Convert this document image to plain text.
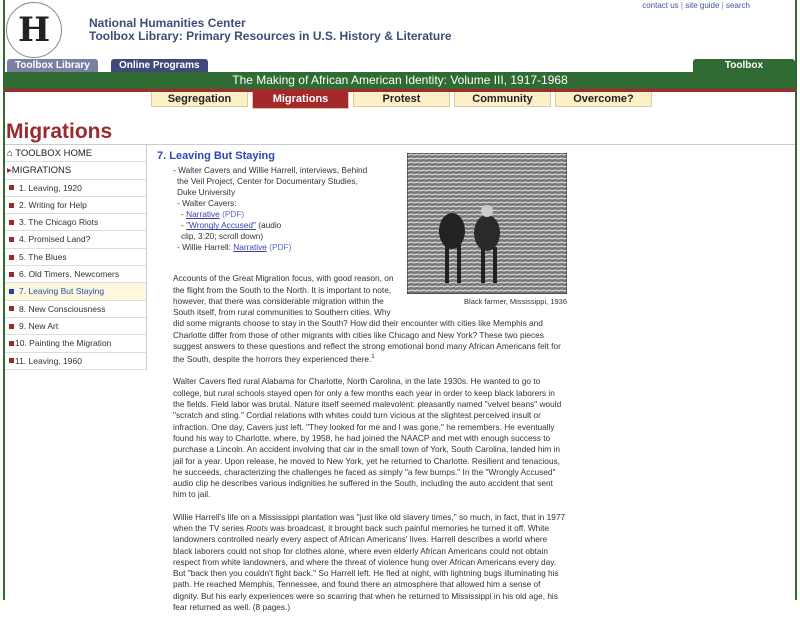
H	National Humanities Center
Toolbox Library: Primary Resources in U.S. History & Literature
contact us | site guide | search
Toolbox Library	Online Programs	Toolbox
The Making of African American Identity: Volume III, 1917-1968
Segregation	Migrations	Protest	Community	Overcome?
Migrations
⌂ TOOLBOX HOME
▸MIGRATIONS
1. Leaving, 1920
2. Writing for Help
3. The Chicago Riots
4. Promised Land?
5. The Blues
6. Old Timers, Newcomers
7. Leaving But Staying
8. New Consciousness
9. New Art
10. Painting the Migration
11. Leaving, 1960
Black farmer, Mississippi, 1936
7. Leaving But Staying
- Walter Cavers and Willie Harrell, interviews, Behind the Veil Project, Center for Documentary Studies, Duke University
- Walter Cavers:
- Narrative (PDF)
- "Wrongly Accused" (audio clip, 3:20; scroll down)
- Willie Harrell: Narrative (PDF)

Accounts of the Great Migration focus, with good reason, on the flight from the South to the North. It is important to note, however, that there was considerable migration within the South itself, from rural communities to Southern cities. Why did some migrants choose to stay in the South? How did their encounter with cities like Memphis and Charlotte differ from those of other migrants with cities like Chicago and New York? These two pieces suggest answers to these questions and reflect the strong emotional bond many African Americans felt for the South, despite the horrors they experienced there.$^1$

Walter Cavers fled rural Alabama for Charlotte, North Carolina, in the late 1930s. He wanted to go to college, but rural schools stayed open for only a few months each year in order to keep black laborers in the fields. Field labor was brutal. Nature itself seemed malevolent: pleasantly named "velvet beans" would "scratch and sting." Cordial relations with whites could turn vicious at the slightest perceived insult or infraction. One day, Cavers just left. "They looked for me and I was gone," he remembers. He eventually found his way to Charlotte, where, by 1958, he had joined the NAACP and met with enough success to purchase a Lincoln. An accident involving that car in the small town of York, South Carolina, landed him in jail for a year. Upon release, he moved to New York, yet he returned to Charlotte. Resilient and tenacious, he succeeds, characterizing the challenges he faced as simply "a few bumps." In the "Wrongly Accused" audio clip he describes various indignities he suffered in the South, including the auto accident that sent him to jail.

Willie Harrell's life on a Mississippi plantation was "just like old slavery times," so much, in fact, that in 1977 when the TV series Roots was broadcast, it brought back such painful memories he turned it off. White landowners controlled nearly every aspect of African Americans' lives. Harrell describes a world where black laborers could not shop for clothes alone, where even elderly African Americans could not obtain respect from white landowners, and where the threat of violence hung over African Americans every day. But "back then you couldn't fight back." So Harrell left. He fled at night, with lightning bugs illuminating his path. He reached Memphis, Tennessee, and found there an atmosphere that allowed him a sense of dignity. But his early experiences were so scarring that when he returned to Mississippi in his old age, his fear returned as well. (8 pages.)
